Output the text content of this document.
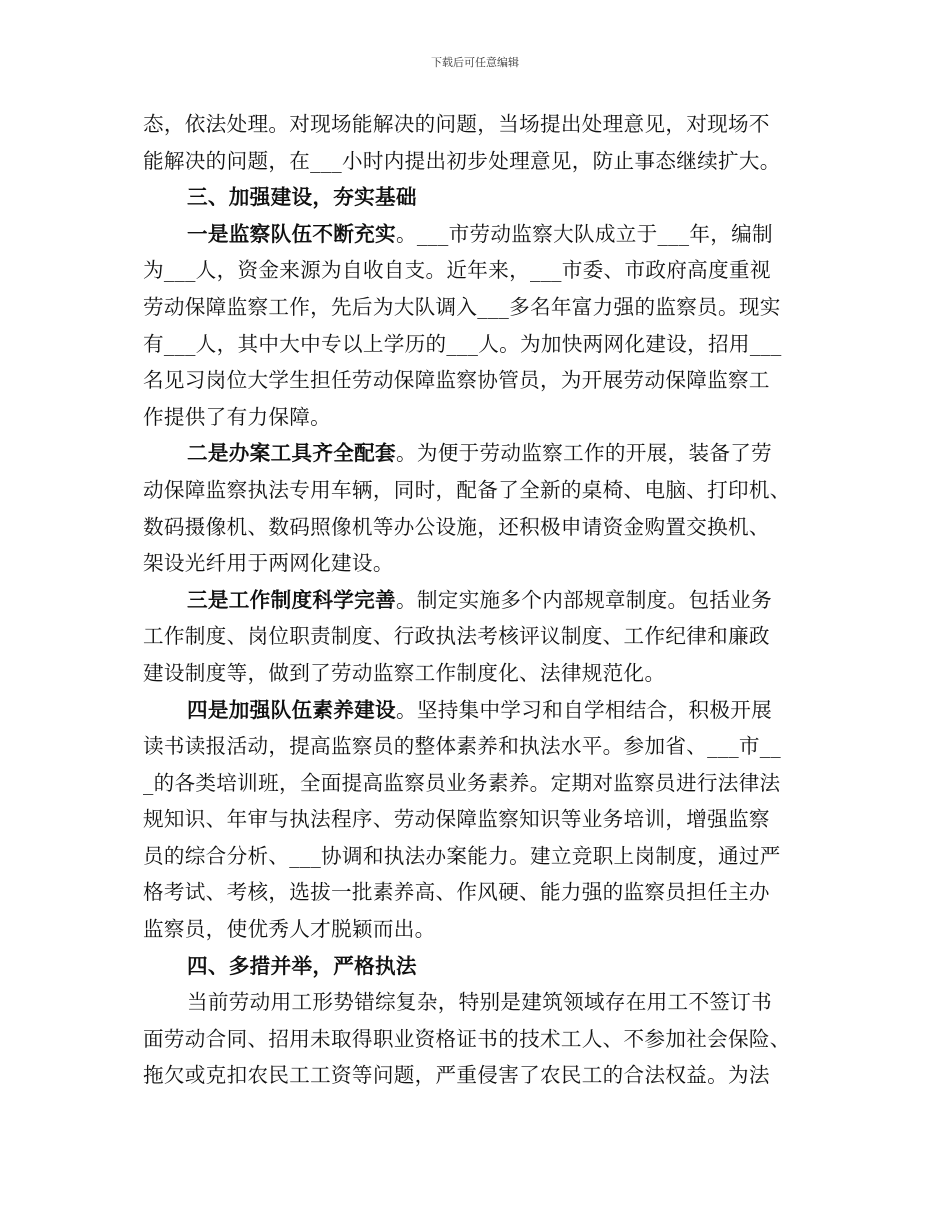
下载后可任意编辑
态，依法处理。对现场能解决的问题，当场提出处理意见，对现场不
能解决的问题，在___小时内提出初步处理意见，防止事态继续扩大。
三、加强建设，夯实基础
一是监察队伍不断充实。___市劳动监察大队成立于___年，编制
为___人，资金来源为自收自支。近年来，___市委、市政府高度重视
劳动保障监察工作，先后为大队调入___多名年富力强的监察员。现实
有___人，其中大中专以上学历的___人。为加快两网化建设，招用___
名见习岗位大学生担任劳动保障监察协管员，为开展劳动保障监察工
作提供了有力保障。
二是办案工具齐全配套。为便于劳动监察工作的开展，装备了劳
动保障监察执法专用车辆，同时，配备了全新的桌椅、电脑、打印机、
数码摄像机、数码照像机等办公设施，还积极申请资金购置交换机、
架设光纤用于两网化建设。
三是工作制度科学完善。制定实施多个内部规章制度。包括业务
工作制度、岗位职责制度、行政执法考核评议制度、工作纪律和廉政
建设制度等，做到了劳动监察工作制度化、法律规范化。
四是加强队伍素养建设。坚持集中学习和自学相结合，积极开展
读书读报活动，提高监察员的整体素养和执法水平。参加省、___市__
_的各类培训班，全面提高监察员业务素养。定期对监察员进行法律法
规知识、年审与执法程序、劳动保障监察知识等业务培训，增强监察
员的综合分析、___协调和执法办案能力。建立竞职上岗制度，通过严
格考试、考核，选拔一批素养高、作风硬、能力强的监察员担任主办
监察员，使优秀人才脱颖而出。
四、多措并举，严格执法
当前劳动用工形势错综复杂，特别是建筑领域存在用工不签订书
面劳动合同、招用未取得职业资格证书的技术工人、不参加社会保险、
拖欠或克扣农民工工资等问题，严重侵害了农民工的合法权益。为法
